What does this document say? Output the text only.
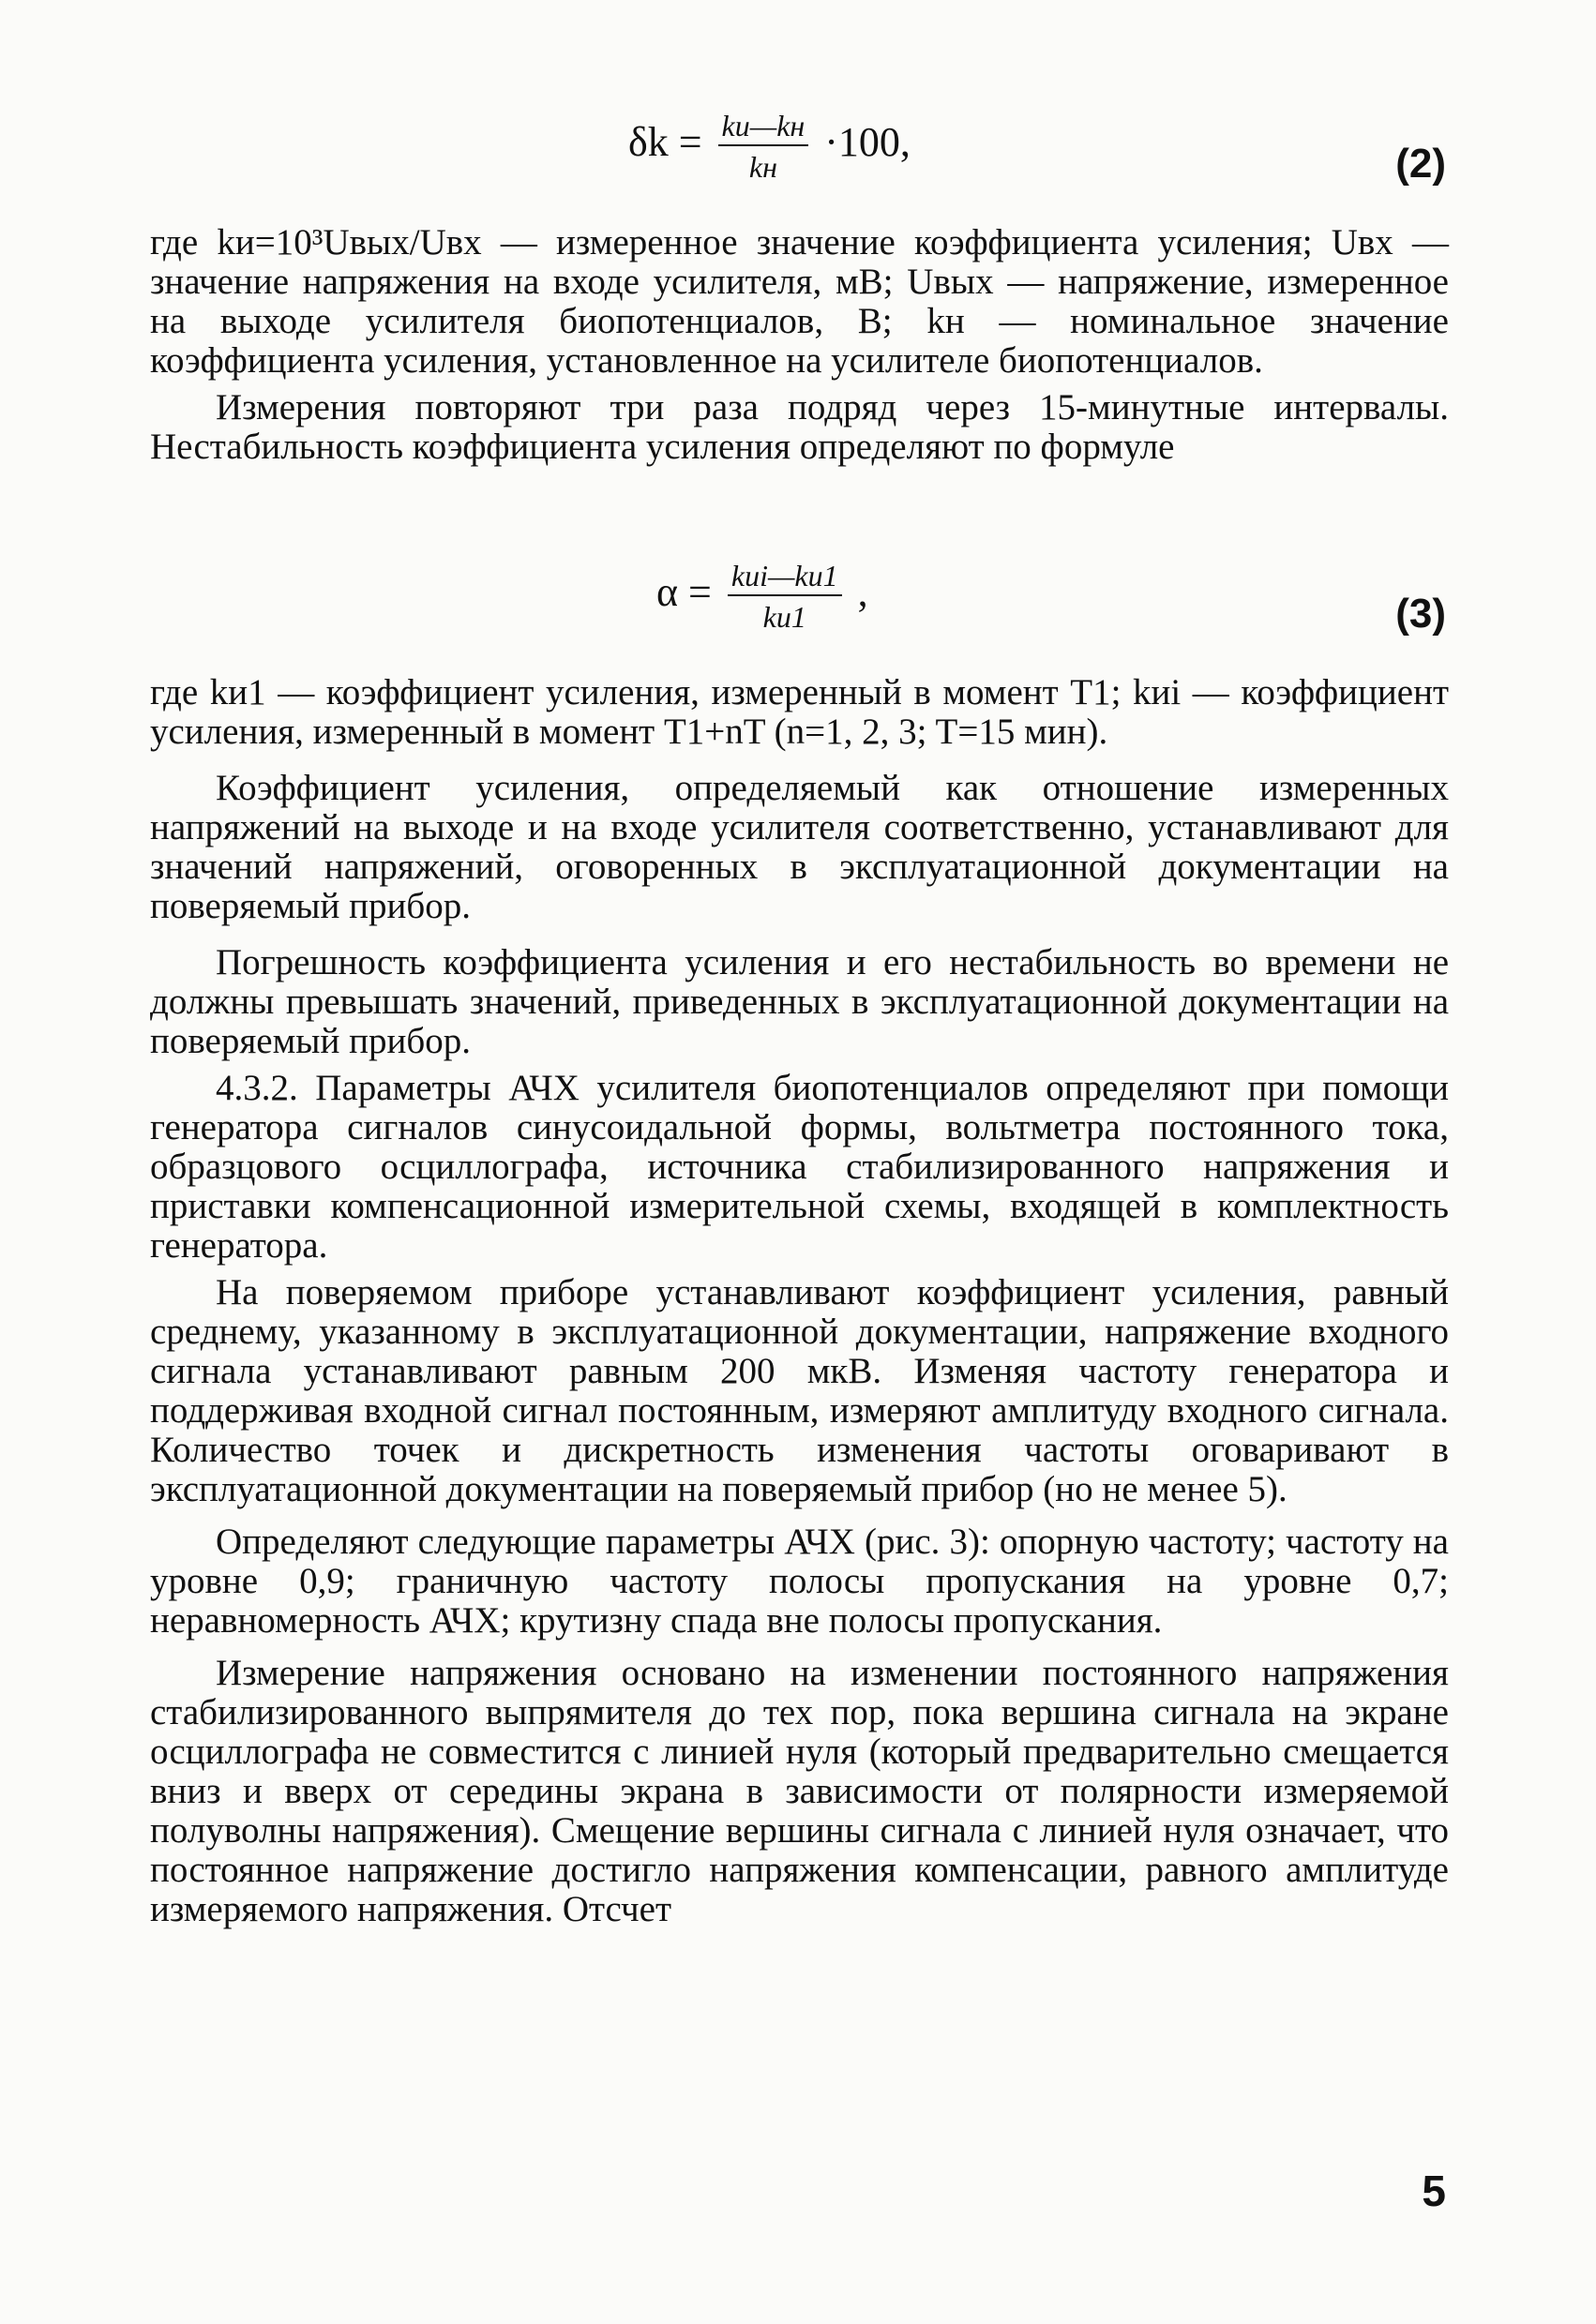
$\delta k = \frac{kи—kн}{kн} \cdot 100$,	(2)

где kи=10³Uвых/Uвх — измеренное значение коэффициента усиления; Uвх — значение напряжения на входе усилителя, мВ; Uвых — напряжение, измеренное на выходе усилителя биопотенциалов, В; kн — номинальное значение коэффициента усиления, установленное на усилителе биопотенциалов.

Измерения повторяют три раза подряд через 15-минутные интервалы. Нестабильность коэффициента усиления определяют по формуле

$\alpha = \frac{\text{kиi—kи1}}{kи1}$ ,	(3)

где kи1 — коэффициент усиления, измеренный в момент T1; kиi — коэффициент усиления, измеренный в момент T1+nT (n=1, 2, 3; T=15 мин).

Коэффициент усиления, определяемый как отношение измеренных напряжений на выходе и на входе усилителя соответственно, устанавливают для значений напряжений, оговоренных в эксплуатационной документации на поверяемый прибор.

Погрешность коэффициента усиления и его нестабильность во времени не должны превышать значений, приведенных в эксплуатационной документации на поверяемый прибор.

4.3.2. Параметры АЧХ усилителя биопотенциалов определяют при помощи генератора сигналов синусоидальной формы, вольтметра постоянного тока, образцового осциллографа, источника стабилизированного напряжения и приставки компенсационной измерительной схемы, входящей в комплектность генератора.

На поверяемом приборе устанавливают коэффициент усиления, равный среднему, указанному в эксплуатационной документации, напряжение входного сигнала устанавливают равным 200 мкВ. Изменяя частоту генератора и поддерживая входной сигнал постоянным, измеряют амплитуду входного сигнала. Количество точек и дискретность изменения частоты оговаривают в эксплуатационной документации на поверяемый прибор (но не менее 5).

Определяют следующие параметры АЧХ (рис. 3): опорную частоту; частоту на уровне 0,9; граничную частоту полосы пропускания на уровне 0,7; неравномерность АЧХ; крутизну спада вне полосы пропускания.

Измерение напряжения основано на изменении постоянного напряжения стабилизированного выпрямителя до тех пор, пока вершина сигнала на экране осциллографа не совместится с линией нуля (который предварительно смещается вниз и вверх от середины экрана в зависимости от полярности измеряемой полуволны напряжения). Смещение вершины сигнала с линией нуля означает, что постоянное напряжение достигло напряжения компенсации, равного амплитуде измеряемого напряжения. Отсчет

5
